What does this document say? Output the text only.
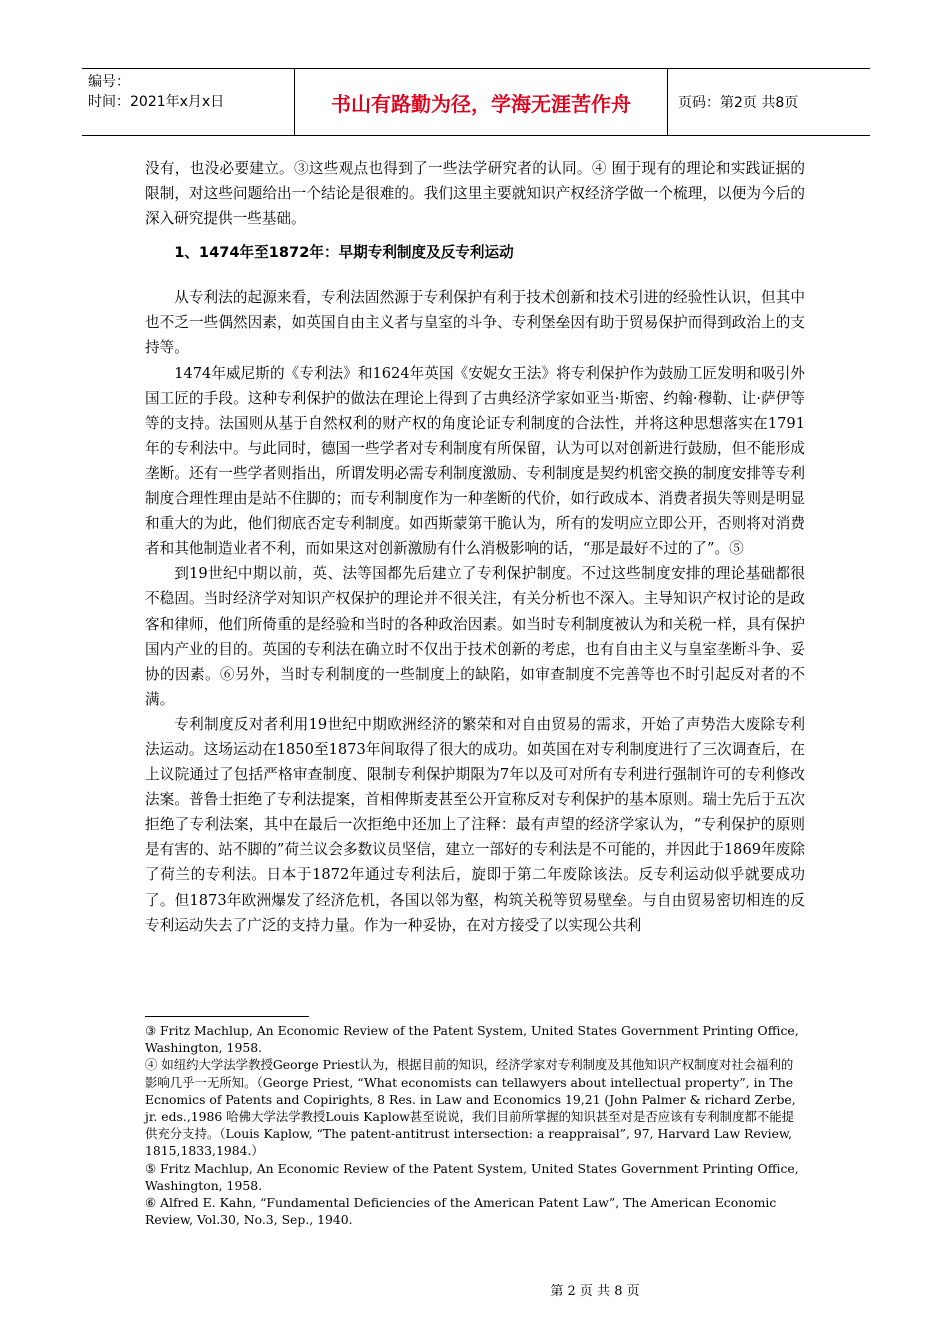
编号：
时间：2021年x月x日	书山有路勤为径，学海无涯苦作舟	页码：第2页 共8页

没有，也没必要建立。③这些观点也得到了一些法学研究者的认同。④ 囿于现有的理论和实践证据的限制，对这些问题给出一个结论是很难的。我们这里主要就知识产权经济学做一个梳理，以便为今后的深入研究提供一些基础。

1、1474年至1872年：早期专利制度及反专利运动

从专利法的起源来看，专利法固然源于专利保护有利于技术创新和技术引进的经验性认识，但其中也不乏一些偶然因素，如英国自由主义者与皇室的斗争、专利堡垒因有助于贸易保护而得到政治上的支持等。

1474年威尼斯的《专利法》和1624年英国《安妮女王法》将专利保护作为鼓励工匠发明和吸引外国工匠的手段。这种专利保护的做法在理论上得到了古典经济学家如亚当·斯密、约翰·穆勒、让·萨伊等等的支持。法国则从基于自然权利的财产权的角度论证专利制度的合法性，并将这种思想落实在1791年的专利法中。与此同时，德国一些学者对专利制度有所保留，认为可以对创新进行鼓励，但不能形成垄断。还有一些学者则指出，所谓发明必需专利制度激励、专利制度是契约机密交换的制度安排等专利制度合理性理由是站不住脚的；而专利制度作为一种垄断的代价，如行政成本、消费者损失等则是明显和重大的为此，他们彻底否定专利制度。如西斯蒙第干脆认为，所有的发明应立即公开，否则将对消费者和其他制造业者不利，而如果这对创新激励有什么消极影响的话，“那是最好不过的了”。⑤

到19世纪中期以前，英、法等国都先后建立了专利保护制度。不过这些制度安排的理论基础都很不稳固。当时经济学对知识产权保护的理论并不很关注，有关分析也不深入。主导知识产权讨论的是政客和律师，他们所倚重的是经验和当时的各种政治因素。如当时专利制度被认为和关税一样，具有保护国内产业的目的。英国的专利法在确立时不仅出于技术创新的考虑，也有自由主义与皇室垄断斗争、妥协的因素。⑥另外，当时专利制度的一些制度上的缺陷，如审查制度不完善等也不时引起反对者的不满。

专利制度反对者利用19世纪中期欧洲经济的繁荣和对自由贸易的需求，开始了声势浩大废除专利法运动。这场运动在1850至1873年间取得了很大的成功。如英国在对专利制度进行了三次调查后，在上议院通过了包括严格审查制度、限制专利保护期限为7年以及可对所有专利进行强制许可的专利修改法案。普鲁士拒绝了专利法提案，首相俾斯麦甚至公开宣称反对专利保护的基本原则。瑞士先后于五次拒绝了专利法案，其中在最后一次拒绝中还加上了注释：最有声望的经济学家认为，“专利保护的原则是有害的、站不脚的”荷兰议会多数议员坚信，建立一部好的专利法是不可能的，并因此于1869年废除了荷兰的专利法。日本于1872年通过专利法后，旋即于第二年废除该法。反专利运动似乎就要成功了。但1873年欧洲爆发了经济危机，各国以邻为壑，构筑关税等贸易壁垒。与自由贸易密切相连的反专利运动失去了广泛的支持力量。作为一种妥协，在对方接受了以实现公共利

③ Fritz Machlup, An Economic Review of the Patent System, United States Government Printing Office, Washington, 1958.

④ 如纽约大学法学教授George Priest认为，根据目前的知识，经济学家对专利制度及其他知识产权制度对社会福利的影响几乎一无所知。（George Priest, “What economists can tellawyers about intellectual property”, in The Ecnomics of Patents and Copirights, 8 Res. in Law and Economics 19,21 (John Palmer & richard Zerbe, jr. eds.,1986 哈佛大学法学教授Louis Kaplow甚至说说，我们目前所掌握的知识甚至对是否应该有专利制度都不能提供充分支持。（Louis Kaplow, “The patent-antitrust intersection: a reappraisal”, 97, Harvard Law Review, 1815,1833,1984.）

⑤ Fritz Machlup, An Economic Review of the Patent System, United States Government Printing Office, Washington, 1958.

⑥ Alfred E. Kahn, “Fundamental Deficiencies of the American Patent Law”, The American Economic Review, Vol.30, No.3, Sep., 1940.

第 2 页 共 8 页
